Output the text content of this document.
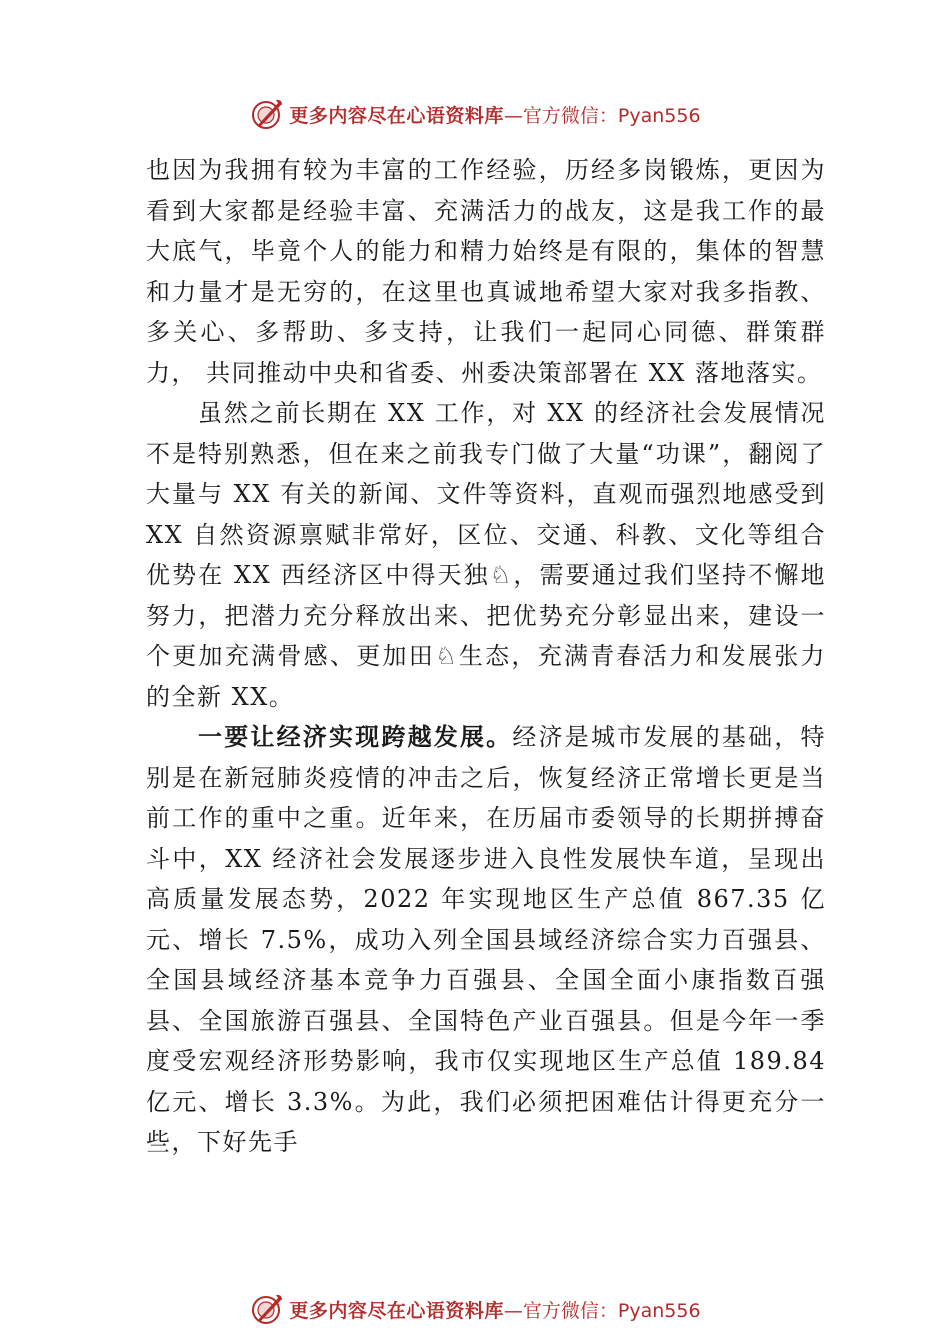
更多内容尽在心语资料库 —官方微信：Pyan556

也因为我拥有较为丰富的工作经验，历经多岗锻炼，更因为看到大家都是经验丰富、充满活力的战友，这是我工作的最大底气，毕竟个人的能力和精力始终是有限的，集体的智慧和力量才是无穷的，在这里也真诚地希望大家对我多指教、 多关心、多帮助、多支持，让我们一起同心同德、群策群力， 共同推动中央和省委、州委决策部署在 XX 落地落实。

虽然之前长期在 XX 工作，对 XX 的经济社会发展情况不是特别熟悉，但在来之前我专门做了大量“功课”，翻阅了 大量与 XX 有关的新闻、文件等资料，直观而强烈地感受到XX 自然资源禀赋非常好，区位、交通、科教、文化等组合优势在 XX 西经济区中得天独♘，需要通过我们坚持不懈地努力，把潜力充分释放出来、把优势充分彰显出来，建设一个更加充满骨感、更加田♘生态，充满青春活力和发展张力的全新 XX。

一要让经济实现跨越发展。经济是城市发展的基础，特别是在新冠肺炎疫情的冲击之后，恢复经济正常增长更是当前工作的重中之重。近年来，在历届市委领导的长期拼搏奋斗中，XX 经济社会发展逐步进入良性发展快车道，呈现出高质量发展态势，2022 年实现地区生产总值 867.35 亿元、增长 7.5%，成功入列全国县域经济综合实力百强县、全国县域经济基本竞争力百强县、全国全面小康指数百强县、全国旅游百强县、全国特色产业百强县。但是今年一季度受宏观经济形势影响，我市仅实现地区生产总值 189.84 亿元、增长 3.3%。为此，我们必须把困难估计得更充分一些，下好先手

更多内容尽在心语资料库 —官方微信：Pyan556
